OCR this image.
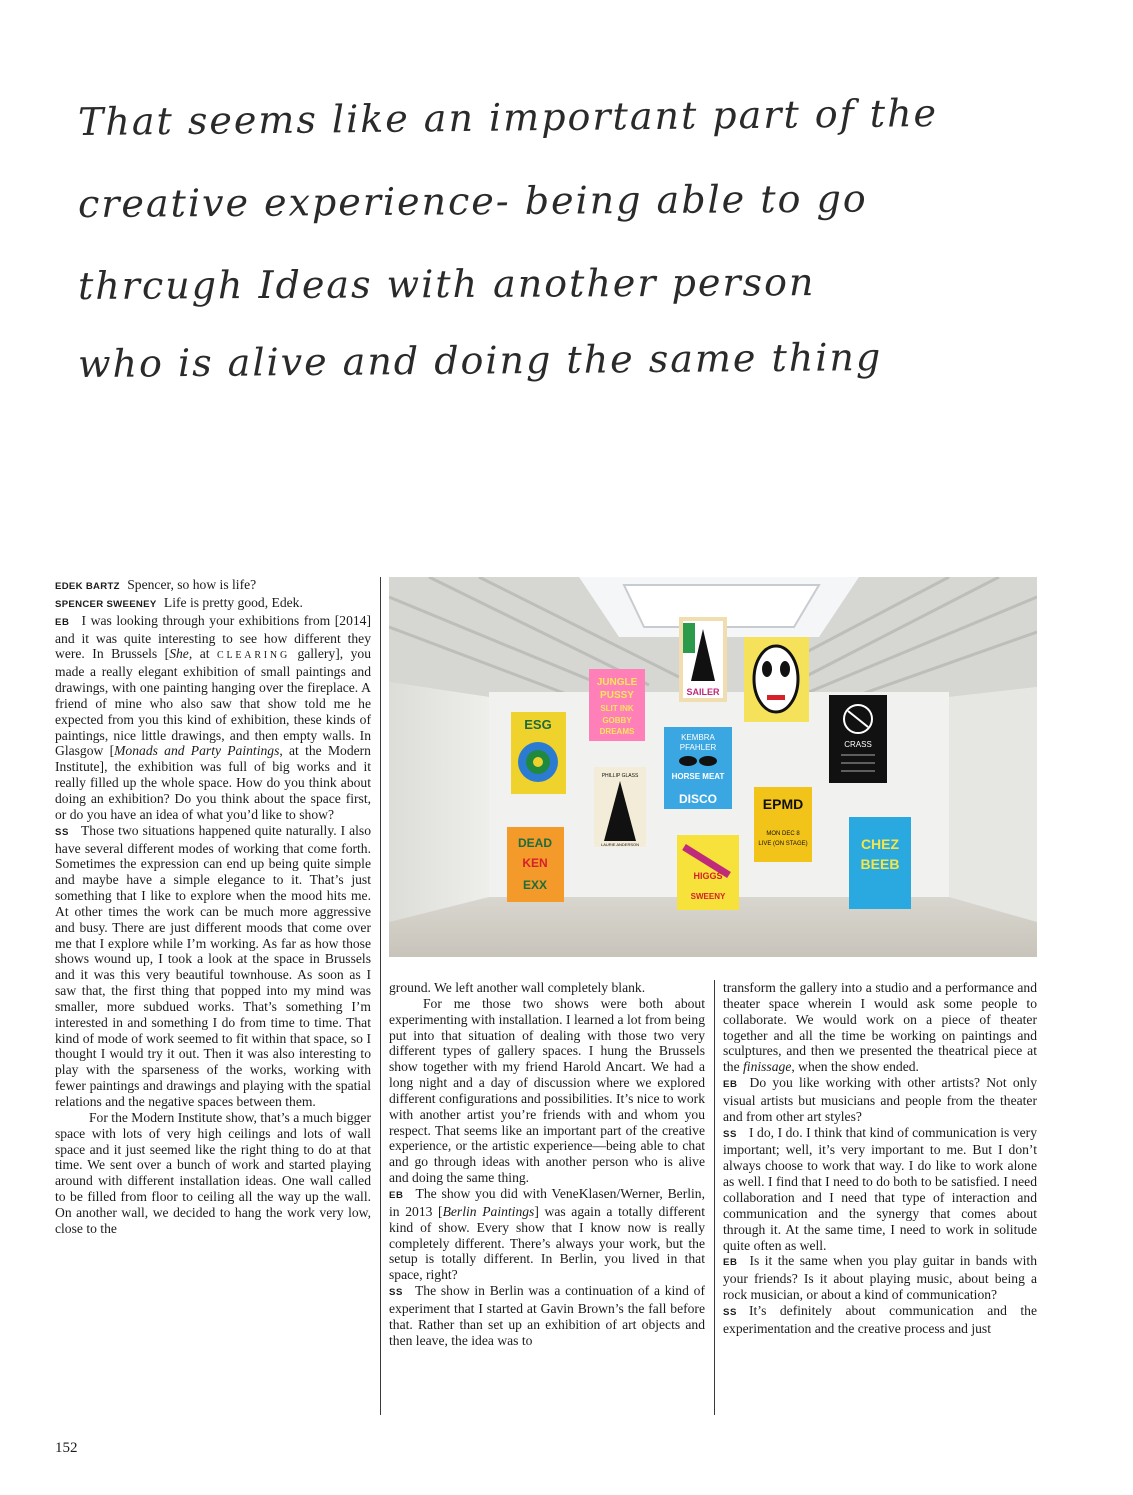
That seems like an important part of the
creative experience- being able to go
thrcugh Ideas with another person
who is alive and doing the same thing

EDEK BARTZ Spencer, so how is life?

SPENCER SWEENEY Life is pretty good, Edek.

EB I was looking through your exhibitions from [2014] and it was quite interesting to see how different they were. In Brussels [She, at CLEARING gallery], you made a really elegant exhibition of small paintings and drawings, with one painting hanging over the fireplace. A friend of mine who also saw that show told me he expected from you this kind of exhibition, these kinds of paintings, nice little drawings, and then empty walls. In Glasgow [Monads and Party Paintings, at the Modern Institute], the exhibition was full of big works and it really filled up the whole space. How do you think about doing an exhibition? Do you think about the space first, or do you have an idea of what you’d like to show?

SS Those two situations happened quite naturally. I also have several different modes of working that come forth. Sometimes the expression can end up being quite simple and maybe have a simple elegance to it. That’s just something that I like to explore when the mood hits me. At other times the work can be much more aggressive and busy. There are just different moods that come over me that I explore while I’m working. As far as how those shows wound up, I took a look at the space in Brussels and it was this very beautiful townhouse. As soon as I saw that, the first thing that popped into my mind was smaller, more subdued works. That’s something I’m interested in and something I do from time to time. That kind of mode of work seemed to fit within that space, so I thought I would try it out. Then it was also interesting to play with the sparseness of the works, working with fewer paintings and drawings and playing with the spatial relations and the negative spaces between them.

For the Modern Institute show, that’s a much bigger space with lots of very high ceilings and lots of wall space and it just seemed like the right thing to do at that time. We sent over a bunch of work and started playing around with different installation ideas. One wall called to be filled from floor to ceiling all the way up the wall. On another wall, we decided to hang the work very low, close to the

JUNGLE
PUSSY
SLIT INK
GOBBY
DREAMS
SAILER
KEMBRA
PFAHLER
HORSE MEAT
DISCO
CRASS
ESG
PHILLIP GLASS
LAURIE ANDERSON
EPMD
MON DEC 8
LIVE (ON STAGE)	CHEZ
BEEB
DEAD
KEN
EXX
HIGGS
SWEENY

ground. We left another wall completely blank.

For me those two shows were both about experimenting with installation. I learned a lot from being put into that situation of dealing with those two very different types of gallery spaces. I hung the Brussels show together with my friend Harold Ancart. We had a long night and a day of discussion where we explored different configurations and possibilities. It’s nice to work with another artist you’re friends with and whom you respect. That seems like an important part of the creative experience, or the artistic experience—being able to chat and go through ideas with another person who is alive and doing the same thing.

EB The show you did with VeneKlasen/Werner, Berlin, in 2013 [Berlin Paintings] was again a totally different kind of show. Every show that I know now is really completely different. There’s always your work, but the setup is totally different. In Berlin, you lived in that space, right?

SS The show in Berlin was a continuation of a kind of experiment that I started at Gavin Brown’s the fall before that. Rather than set up an exhibition of art objects and then leave, the idea was to

transform the gallery into a studio and a performance and theater space wherein I would ask some people to collaborate. We would work on a piece of theater together and all the time be working on paintings and sculptures, and then we presented the theatrical piece at the finissage, when the show ended.

EB Do you like working with other artists? Not only visual artists but musicians and people from the theater and from other art styles?

SS I do, I do. I think that kind of communication is very important; well, it’s very important to me. But I don’t always choose to work that way. I do like to work alone as well. I find that I need to do both to be satisfied. I need collaboration and I need that type of interaction and communication and the synergy that comes about through it. At the same time, I need to work in solitude quite often as well.

EB Is it the same when you play guitar in bands with your friends? Is it about playing music, about being a rock musician, or about a kind of communication?

SS It’s definitely about communication and the experimentation and the creative process and just

152
